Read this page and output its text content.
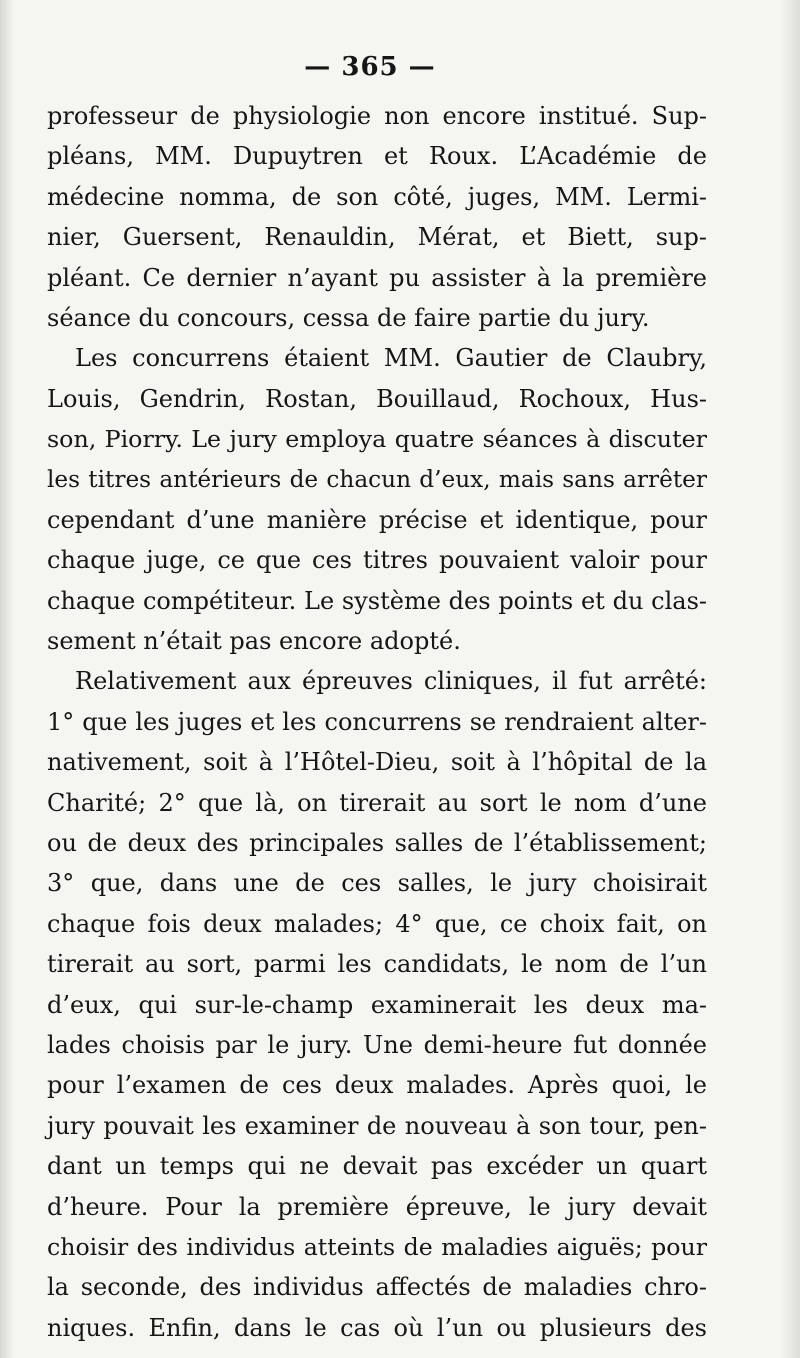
— 365 —
professeur de physiologie non encore institué. Sup-
pléans, MM. Dupuytren et Roux. L’Académie de
médecine nomma, de son côté, juges, MM. Lermi-
nier, Guersent, Renauldin, Mérat, et Biett, sup-
pléant. Ce dernier n’ayant pu assister à la première
séance du concours, cessa de faire partie du jury.
Les concurrens étaient MM. Gautier de Claubry,
Louis, Gendrin, Rostan, Bouillaud, Rochoux, Hus-
son, Piorry. Le jury employa quatre séances à discuter
les titres antérieurs de chacun d’eux, mais sans arrêter
cependant d’une manière précise et identique, pour
chaque juge, ce que ces titres pouvaient valoir pour
chaque compétiteur. Le système des points et du clas-
sement n’était pas encore adopté.
Relativement aux épreuves cliniques, il fut arrêté:
1° que les juges et les concurrens se rendraient alter-
nativement, soit à l’Hôtel-Dieu, soit à l’hôpital de la
Charité; 2° que là, on tirerait au sort le nom d’une
ou de deux des principales salles de l’établissement;
3° que, dans une de ces salles, le jury choisirait
chaque fois deux malades; 4° que, ce choix fait, on
tirerait au sort, parmi les candidats, le nom de l’un
d’eux, qui sur-le-champ examinerait les deux ma-
lades choisis par le jury. Une demi-heure fut donnée
pour l’examen de ces deux malades. Après quoi, le
jury pouvait les examiner de nouveau à son tour, pen-
dant un temps qui ne devait pas excéder un quart
d’heure. Pour la première épreuve, le jury devait
choisir des individus atteints de maladies aiguës; pour
la seconde, des individus affectés de maladies chro-
niques. Enfin, dans le cas où l’un ou plusieurs des
